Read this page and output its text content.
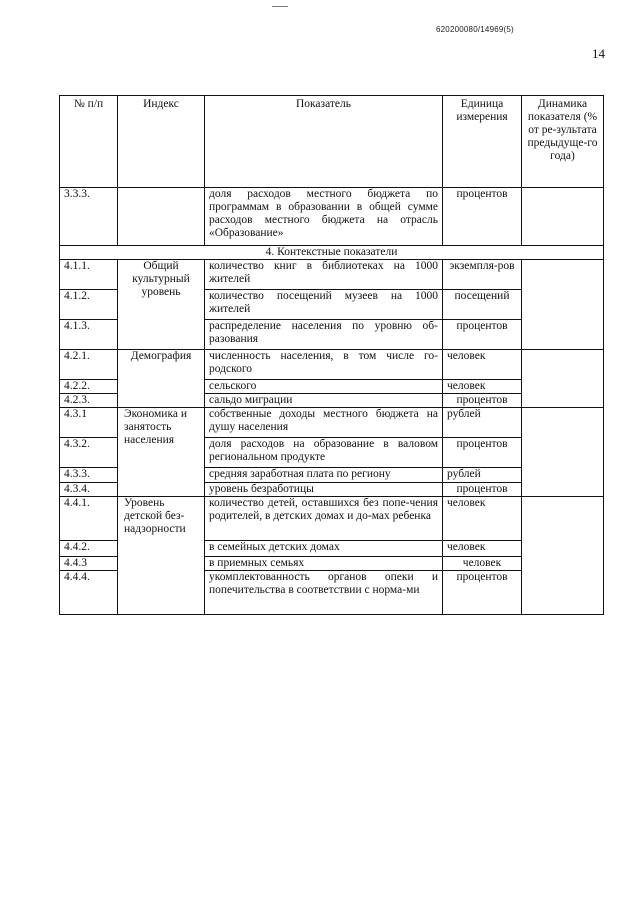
620200080/14969(5)
14
№ п/п	Индекс	Показатель	Единица измерения	Динамика показателя (% от ре-зультата предыдуще-го года)
3.3.3.		доля расходов местного бюджета по программам в образовании в общей сумме расходов местного бюджета на отрасль «Образование»	процентов	
4. Контекстные показатели				
4.1.1.	Общий культурный уровень	количество книг в библиотеках на 1000 жителей	экземпля-ров	
4.1.2.		количество посещений музеев на 1000 жителей	посещений	
4.1.3.		распределение населения по уровню об-разования	процентов	
4.2.1.	Демография	численность населения, в том числе го-родского	человек	
4.2.2.		сельского	человек	
4.2.3.		сальдо миграции	процентов	
4.3.1	Экономика и занятость населения	собственные доходы местного бюджета на душу населения	рублей	
4.3.2.		доля расходов на образование в валовом региональном продукте	процентов	
4.3.3.		средняя заработная плата по региону	рублей	
4.3.4.		уровень безработицы	процентов	
4.4.1.	Уровень детской без-надзорности	количество детей, оставшихся без попе-чения родителей, в детских домах и до-мах ребенка	человек	
4.4.2.		в семейных детских домах	человек	
4.4.3		в приемных семьях	человек	
4.4.4.		укомплектованность органов опеки и попечительства в соответствии с норма-ми	процентов	
